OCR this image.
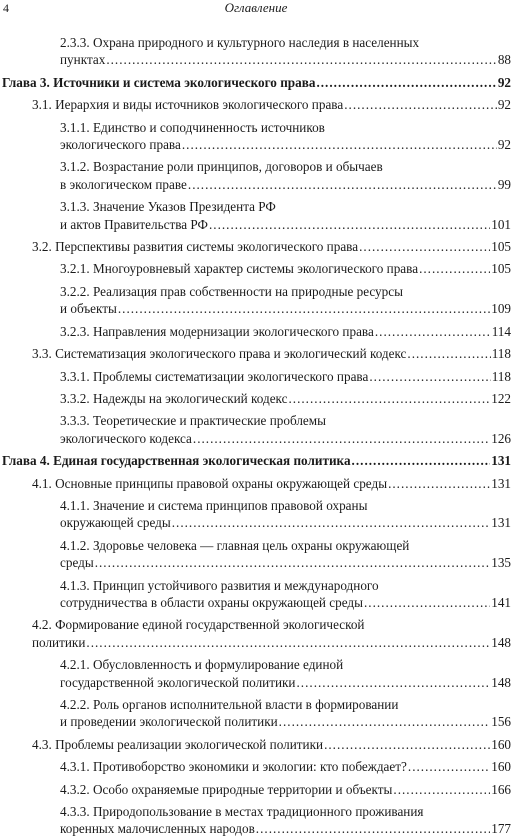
4	Оглавление
2.3.3. Охрана природного и культурного наследия в населенных
пунктах .....	88
Глава 3. Источники и система экологического права .....	92
3.1. Иерархия и виды источников экологического права .....	92
3.1.1. Единство и соподчиненность источников
экологического права .....	92
3.1.2. Возрастание роли принципов, договоров и обычаев
в экологическом праве .....	99
3.1.3. Значение Указов Президента РФ
и актов Правительства РФ .....	101
3.2. Перспективы развития системы экологического права .....	105
3.2.1. Многоуровневый характер системы экологического права .....	105
3.2.2. Реализация прав собственности на природные ресурсы
и объекты .....	109
3.2.3. Направления модернизации экологического права .....	114
3.3. Систематизация экологического права и экологический кодекс .....	118
3.3.1. Проблемы систематизации экологического права .....	118
3.3.2. Надежды на экологический кодекс .....	122
3.3.3. Теоретические и практические проблемы
экологического кодекса .....	126
Глава 4. Единая государственная экологическая политика .....	131
4.1. Основные принципы правовой охраны окружающей среды .....	131
4.1.1. Значение и система принципов правовой охраны
окружающей среды .....	131
4.1.2. Здоровье человека — главная цель охраны окружающей
среды .....	135
4.1.3. Принцип устойчивого развития и международного
сотрудничества в области охраны окружающей среды .....	141
4.2. Формирование единой государственной экологической
политики .....	148
4.2.1. Обусловленность и формулирование единой
государственной экологической политики .....	148
4.2.2. Роль органов исполнительной власти в формировании
и проведении экологической политики .....	156
4.3. Проблемы реализации экологической политики .....	160
4.3.1. Противоборство экономики и экологии: кто побеждает? .....	160
4.3.2. Особо охраняемые природные территории и объекты .....	166
4.3.3. Природопользование в местах традиционного проживания
коренных малочисленных народов .....	177
